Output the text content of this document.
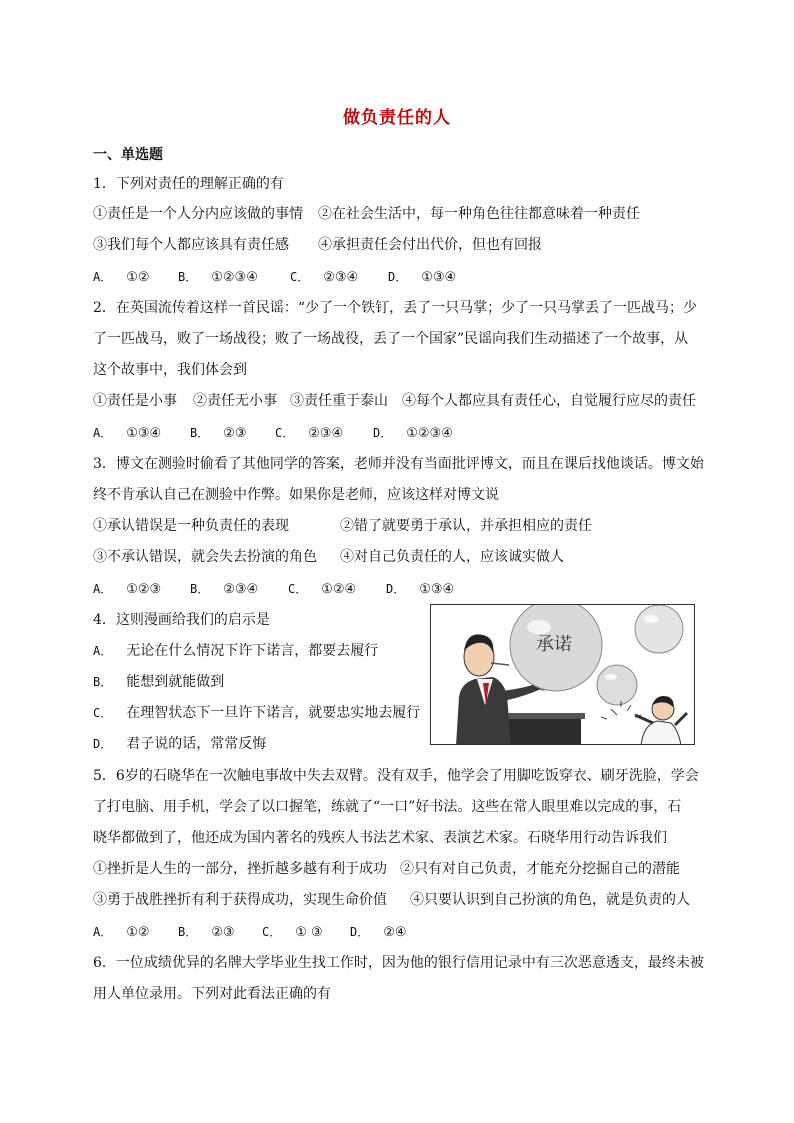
做负责任的人
一、单选题
1．下列对责任的理解正确的有
①责任是一个人分内应该做的事情 ②在社会生活中，每一种角色往往都意味着一种责任
③我们每个人都应该具有责任感 ④承担责任会付出代价，但也有回报
A． ①② B． ①②③④	C． ②③④ D． ①③④
2．在英国流传着这样一首民谣：“少了一个铁钉，丢了一只马掌；少了一只马掌丢了一匹战马；少
了一匹战马，败了一场战役；败了一场战役，丢了一个国家”民谣向我们生动描述了一个故事，从
这个故事中，我们体会到
①责任是小事 ②责任无小事 ③责任重于泰山 ④每个人都应具有责任心，自觉履行应尽的责任
A． ①③④ B． ②③ C． ②③④ D． ①②③④
3．博文在测验时偷看了其他同学的答案，老师并没有当面批评博文，而且在课后找他谈话。博文始
终不肯承认自己在测验中作弊。如果你是老师，应该这样对博文说
①承认错误是一种负责任的表现	②错了就要勇于承认，并承担相应的责任
③不承认错误，就会失去扮演的角色 ④对自己负责任的人，应该诚实做人
A． ①②③ B． ②③④ C． ①②④ D． ①③④
4．这则漫画给我们的启示是
A． 无论在什么情况下许下诺言，都要去履行
B． 能想到就能做到
C． 在理智状态下一旦许下诺言，就要忠实地去履行
D． 君子说的话，常常反悔
承诺
5．6岁的石晓华在一次触电事故中失去双臂。没有双手，他学会了用脚吃饭穿衣、刷牙洗脸，学会
了打电脑、用手机，学会了以口握笔，练就了“一口”好书法。这些在常人眼里难以完成的事，石
晓华都做到了，他还成为国内著名的残疾人书法艺术家、表演艺术家。石晓华用行动告诉我们
①挫折是人生的一部分，挫折越多越有利于成功 ②只有对自己负责，才能充分挖掘自己的潜能
③勇于战胜挫折有利于获得成功，实现生命价值 ④只要认识到自己扮演的角色，就是负责的人
A． ①② B． ②③ C． ① ③ D． ②④
6．一位成绩优异的名牌大学毕业生找工作时，因为他的银行信用记录中有三次恶意透支，最终未被
用人单位录用。下列对此看法正确的有
